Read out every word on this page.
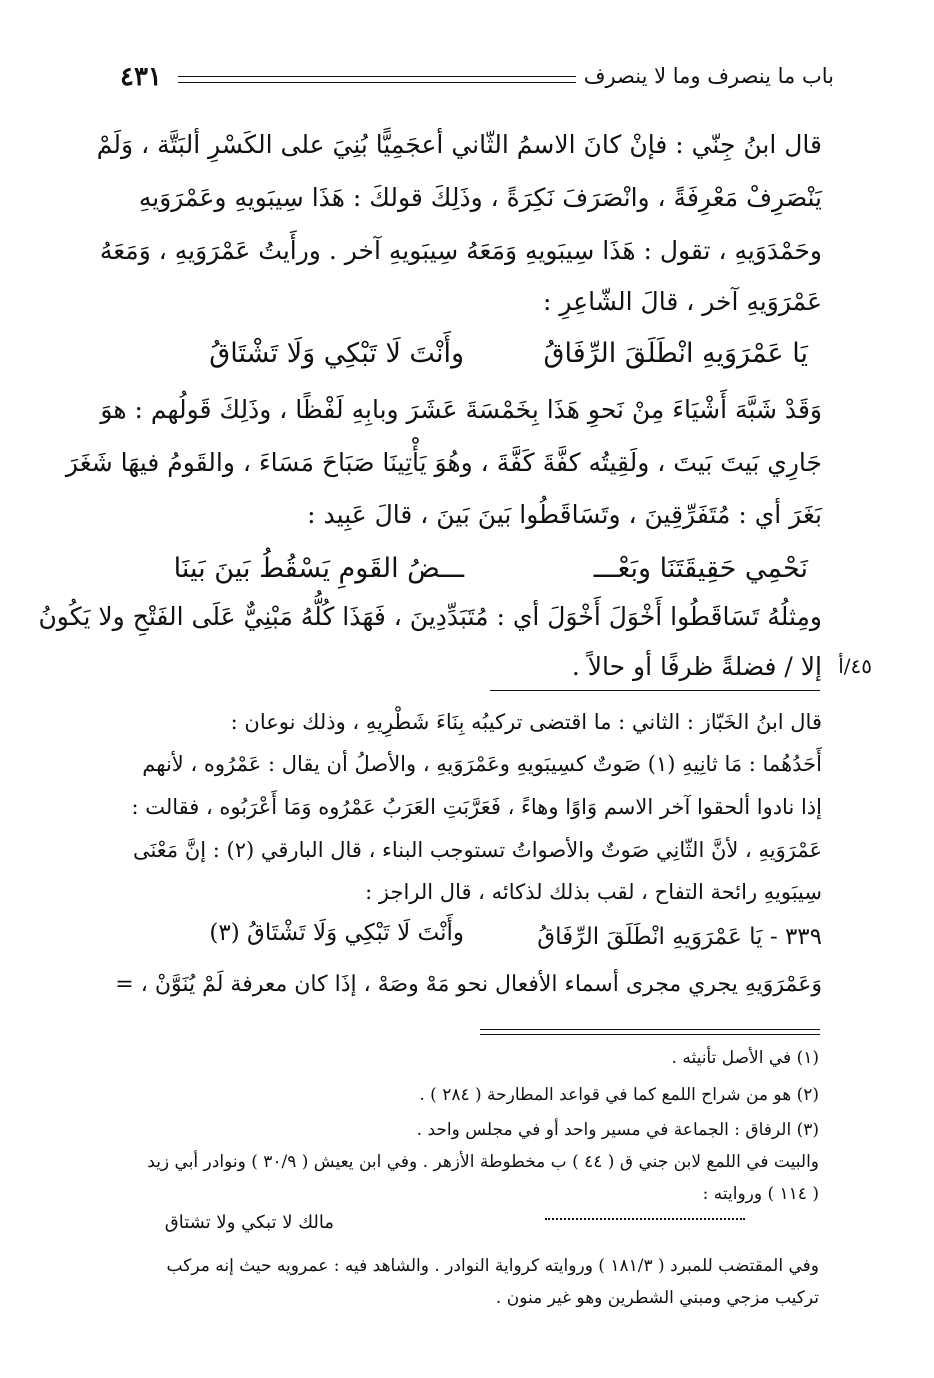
٤٣١	باب ما ينصرف وما لا ينصرف
قال ابنُ جِنّي : فإنْ كانَ الاسمُ الثّاني أعجَمِيًّا بُنِيَ على الكَسْرِ ألبَتَّة ، وَلَمْ
يَنْصَرِفْ مَعْرِفَةً ، وانْصَرَفَ نَكِرَةً ، وذَلِكَ قولكَ : هَذَا سِيبَويهِ وعَمْرَوَيهِ
وحَمْدَوَيهِ ، تقول : هَذَا سِيبَويهِ وَمَعَهُ سِيبَويهِ آخر . ورأَيتُ عَمْرَوَيهِ ، وَمَعَهُ
عَمْرَوَيهِ آخر ، قالَ الشّاعِرِ :
يَا عَمْرَوَيهِ انْطَلَقَ الرِّفَاقُ
وأَنْتَ لَا تَبْكِي وَلَا تَشْتَاقُ
وَقَدْ شَبَّهَ أَشْيَاءَ مِنْ نَحوِ هَذَا بِخَمْسَةَ عَشَرَ وبابِهِ لَفْظًا ، وذَلِكَ قَولُهم : هوَ
جَارِي بَيتَ بَيتَ ، ولَقِيتُه كفَّةَ كَفَّةَ ، وهُوَ يَأْتِينَا صَبَاحَ مَسَاءَ ، والقَومُ فيهَا شَغَرَ
بَغَرَ أي : مُتَفَرِّقِينَ ، وتَسَاقَطُوا بَينَ بَينَ ، قالَ عَبِيد :
نَحْمِي حَقِيقَتَنَا وبَعْـــ
ـــضُ القَومِ يَسْقُطُ بَينَ بَينَا
ومِثلُهُ تَسَاقَطُوا أَخْوَلَ أَخْوَلَ أي : مُتَبَدِّدِينَ ، فَهَذَا كُلُّهُ مَبْنِيٌّ عَلَى الفَتْحِ ولا يَكُونُ
إلا / فضلةً ظرفًا أو حالاً . ٤٥/أ
قال ابنُ الخَبّاز : الثاني : ما اقتضى تركيبُه بِنَاءَ شَطْرِيهِ ، وذلك نوعان :
أَحَدُهُما : مَا ثانِيهِ (١) صَوتٌ كسِيبَويهِ وعَمْرَوَيهِ ، والأصلُ أن يقال : عَمْرُوه ، لأنهم
إذا نادوا ألحقوا آخر الاسم وَاوًا وهاءً ، فَعَرَّبَتِ العَرَبُ عَمْرُوه وَمَا أَعْرَبُوه ، فقالت :
عَمْرَوَيهِ ، لأنَّ الثّانِي صَوتٌ والأصواتُ تستوجب البناء ، قال البارقي (٢) : إنَّ مَعْنَى
سِيبَويهِ رائحة التفاح ، لقب بذلك لذكائه ، قال الراجز :
٣٣٩ - يَا عَمْرَوَيهِ انْطَلَقَ الرِّفَاقُ
وأَنْتَ لَا تَبْكِي وَلَا تَشْتَاقُ (٣)
وَعَمْرَوَيهِ يجري مجرى أسماء الأفعال نحو مَهْ وصَهْ ، إذَا كان معرفة لَمْ يُنَوَّنْ ، =
(١) في الأصل تأنيثه .
(٢) هو من شراح اللمع كما في قواعد المطارحة ( ٢٨٤ ) .
(٣) الرفاق : الجماعة في مسير واحد أو في مجلس واحد .
والبيت في اللمع لابن جني ق ( ٤٤ ) ب مخطوطة الأزهر . وفي ابن يعيش ( ٣٠/٩ ) ونوادر أبي زيد
( ١١٤ ) وروايته :
مالك لا تبكي ولا تشتاق
وفي المقتضب للمبرد ( ١٨١/٣ ) وروايته كرواية النوادر . والشاهد فيه : عمرويه حيث إنه مركب
تركيب مزجي ومبني الشطرين وهو غير منون .
